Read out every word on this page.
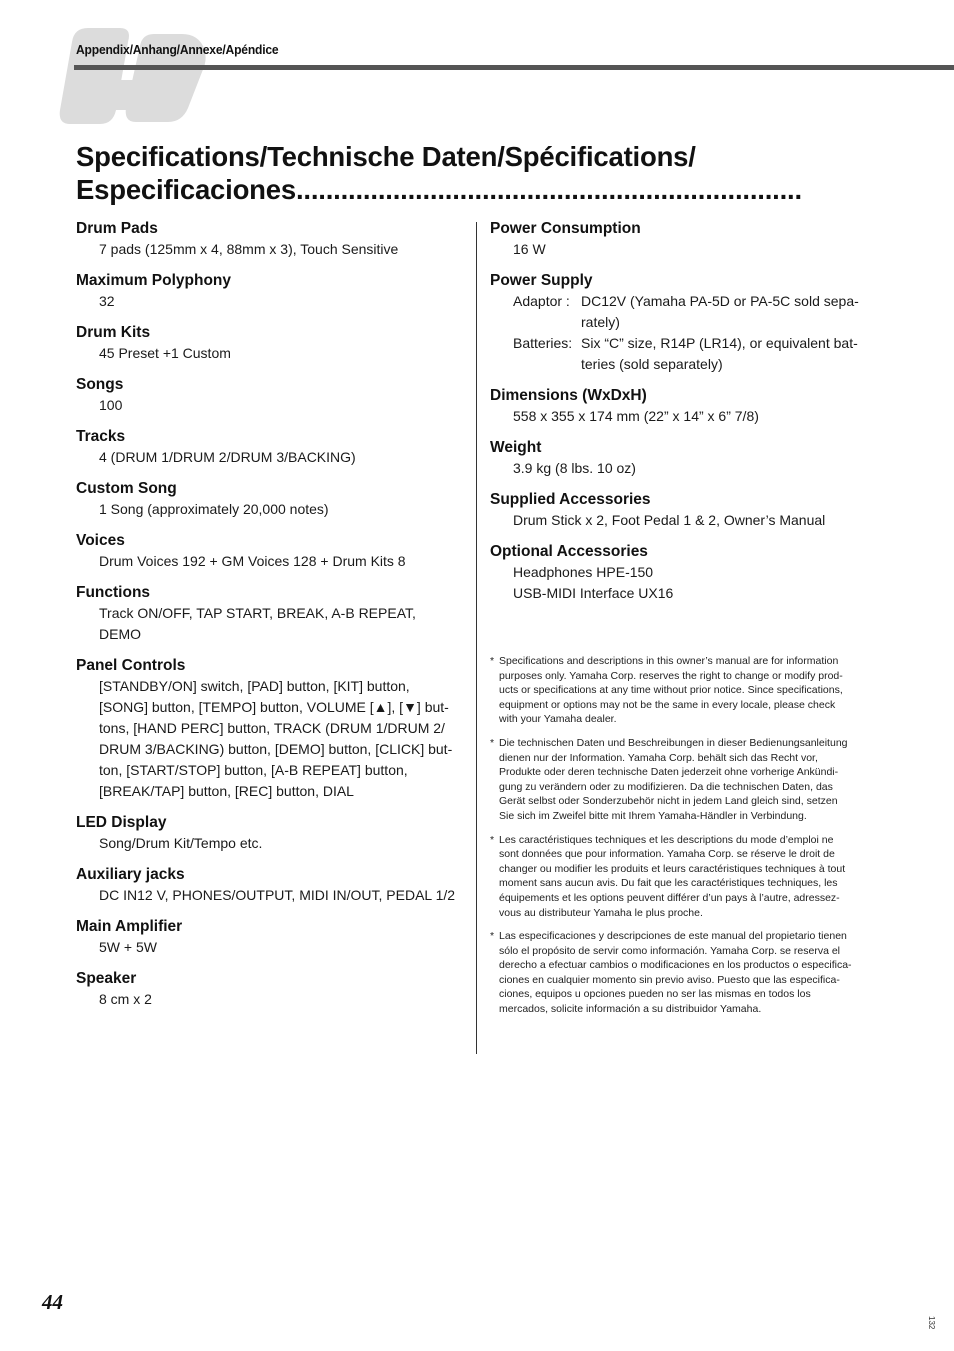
Appendix/Anhang/Annexe/Apéndice
Specifications/Technische Daten/Spécifications/
Especificaciones....................................................................
Drum Pads
7 pads (125mm x 4, 88mm x 3), Touch Sensitive
Maximum Polyphony
32
Drum Kits
45 Preset +1 Custom
Songs
100
Tracks
4 (DRUM 1/DRUM 2/DRUM 3/BACKING)
Custom Song
1 Song (approximately 20,000 notes)
Voices
Drum Voices 192 + GM Voices 128 + Drum Kits 8
Functions
Track ON/OFF, TAP START, BREAK, A-B REPEAT,
DEMO
Panel Controls
[STANDBY/ON] switch, [PAD] button, [KIT] button,
[SONG] button, [TEMPO] button, VOLUME [▲], [▼] but-
tons, [HAND PERC] button, TRACK (DRUM 1/DRUM 2/
DRUM 3/BACKING) button, [DEMO] button, [CLICK] but-
ton, [START/STOP] button, [A-B REPEAT] button,
[BREAK/TAP] button, [REC] button, DIAL
LED Display
Song/Drum Kit/Tempo etc.
Auxiliary jacks
DC IN12 V, PHONES/OUTPUT, MIDI IN/OUT, PEDAL 1/2
Main Amplifier
5W + 5W
Speaker
8 cm x 2
Power Consumption
16 W
Power Supply
Adaptor : DC12V (Yamaha PA-5D or PA-5C sold sepa-
rately)
Batteries: Six “C” size, R14P (LR14), or equivalent bat-
teries (sold separately)
Dimensions (WxDxH)
558 x 355 x 174 mm (22” x 14” x 6” 7/8)
Weight
3.9 kg (8 lbs. 10 oz)
Supplied Accessories
Drum Stick x 2, Foot Pedal 1 & 2, Owner’s Manual
Optional Accessories
Headphones HPE-150
USB-MIDI Interface UX16
* Specifications and descriptions in this owner’s manual are for information
purposes only. Yamaha Corp. reserves the right to change or modify prod-
ucts or specifications at any time without prior notice. Since specifications,
equipment or options may not be the same in every locale, please check
with your Yamaha dealer.
* Die technischen Daten und Beschreibungen in dieser Bedienungsanleitung
dienen nur der Information. Yamaha Corp. behält sich das Recht vor,
Produkte oder deren technische Daten jederzeit ohne vorherige Ankündi-
gung zu verändern oder zu modifizieren. Da die technischen Daten, das
Gerät selbst oder Sonderzubehör nicht in jedem Land gleich sind, setzen
Sie sich im Zweifel bitte mit Ihrem Yamaha-Händler in Verbindung.
* Les caractéristiques techniques et les descriptions du mode d’emploi ne
sont données que pour information. Yamaha Corp. se réserve le droit de
changer ou modifier les produits et leurs caractéristiques techniques à tout
moment sans aucun avis. Du fait que les caractéristiques techniques, les
équipements et les options peuvent différer d’un pays à l’autre, adressez-
vous au distributeur Yamaha le plus proche.
* Las especificaciones y descripciones de este manual del propietario tienen
sólo el propósito de servir como información. Yamaha Corp. se reserva el
derecho a efectuar cambios o modificaciones en los productos o especifica-
ciones en cualquier momento sin previo aviso. Puesto que las especifica-
ciones, equipos u opciones pueden no ser las mismas en todos los
mercados, solicite información a su distribuidor Yamaha.
44
132
